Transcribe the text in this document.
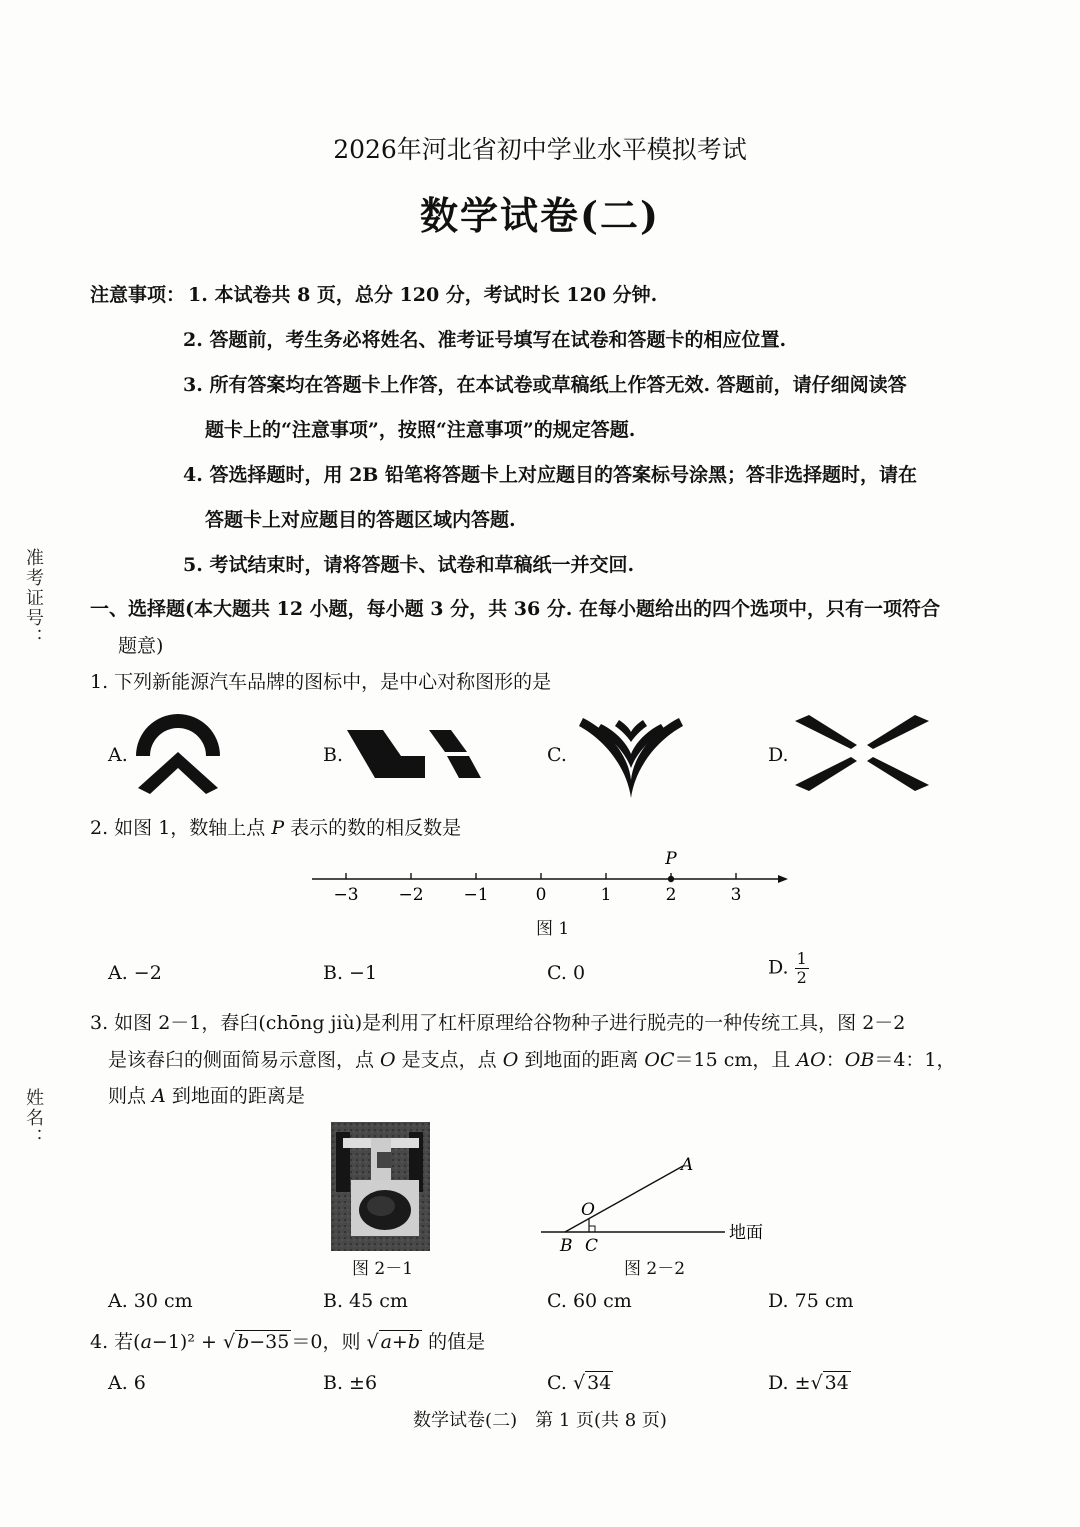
准考证号：
姓名：
2026年河北省初中学业水平模拟考试
数学试卷(二)
注意事项： 1. 本试卷共 8 页，总分 120 分，考试时长 120 分钟.
2. 答题前，考生务必将姓名、准考证号填写在试卷和答题卡的相应位置.
3. 所有答案均在答题卡上作答，在本试卷或草稿纸上作答无效. 答题前，请仔细阅读答
题卡上的“注意事项”，按照“注意事项”的规定答题.
4. 答选择题时，用 2B 铅笔将答题卡上对应题目的答案标号涂黑；答非选择题时，请在
答题卡上对应题目的答题区域内答题.
5. 考试结束时，请将答题卡、试卷和草稿纸一并交回.
一、选择题(本大题共 12 小题，每小题 3 分，共 36 分. 在每小题给出的四个选项中，只有一项符合
题意)
1. 下列新能源汽车品牌的图标中，是中心对称图形的是
A.	B.	C.	D.
2. 如图 1，数轴上点 P 表示的数的相反数是
−3 −2 −1	0	1	2	3
P
图 1
A. −2	B. −1	C. 0	D. $\frac{1}{2}$
3. 如图 2－1，舂臼(chōng jiù)是利用了杠杆原理给谷物种子进行脱壳的一种传统工具，图 2－2
是该舂臼的侧面简易示意图，点 O 是支点，点 O 到地面的距离 OC＝15 cm，且 AO：OB＝4：1，
则点 A 到地面的距离是
图 2－1
A
O
B C
地面
图 2－2
A. 30 cm	B. 45 cm	C. 60 cm	D. 75 cm
4. 若(a−1)² + √ b−35 ＝0，则 √ a+b 的值是
A. 6	B. ±6	C. √ 34	D. ±√ 34
数学试卷(二)　第 1 页(共 8 页)
